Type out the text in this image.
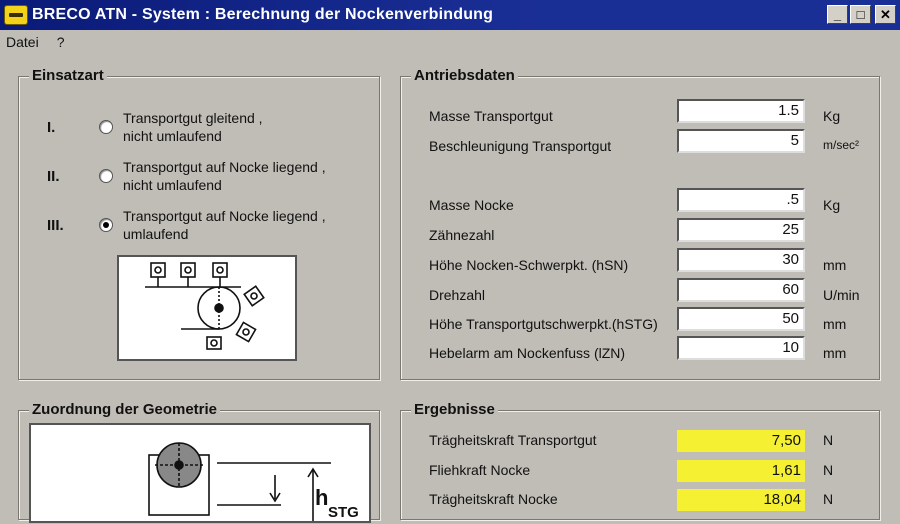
BRECO ATN - System : Berechnung der Nockenverbindung	_ □ ✕
Datei ?
Einsatzart
I.
Transportgut gleitend ,
nicht umlaufend
II.
Transportgut auf Nocke liegend ,
nicht umlaufend
III.
Transportgut auf Nocke liegend ,
umlaufend
Antriebsdaten
Masse Transportgut	1.5	Kg
Beschleunigung Transportgut	5	m/sec²
Masse Nocke	.5	Kg
Zähnezahl	25
Höhe Nocken-Schwerpkt. (hSN)	30	mm
Drehzahl	60	U/min
Höhe Transportgutschwerpkt.(hSTG)	50	mm
Hebelarm am Nockenfuss (lZN)	10	mm
Zuordnung der Geometrie
h
STG
Ergebnisse
Trägheitskraft Transportgut	7,50 N
Fliehkraft Nocke	1,61 N
Trägheitskraft Nocke	18,04 N
